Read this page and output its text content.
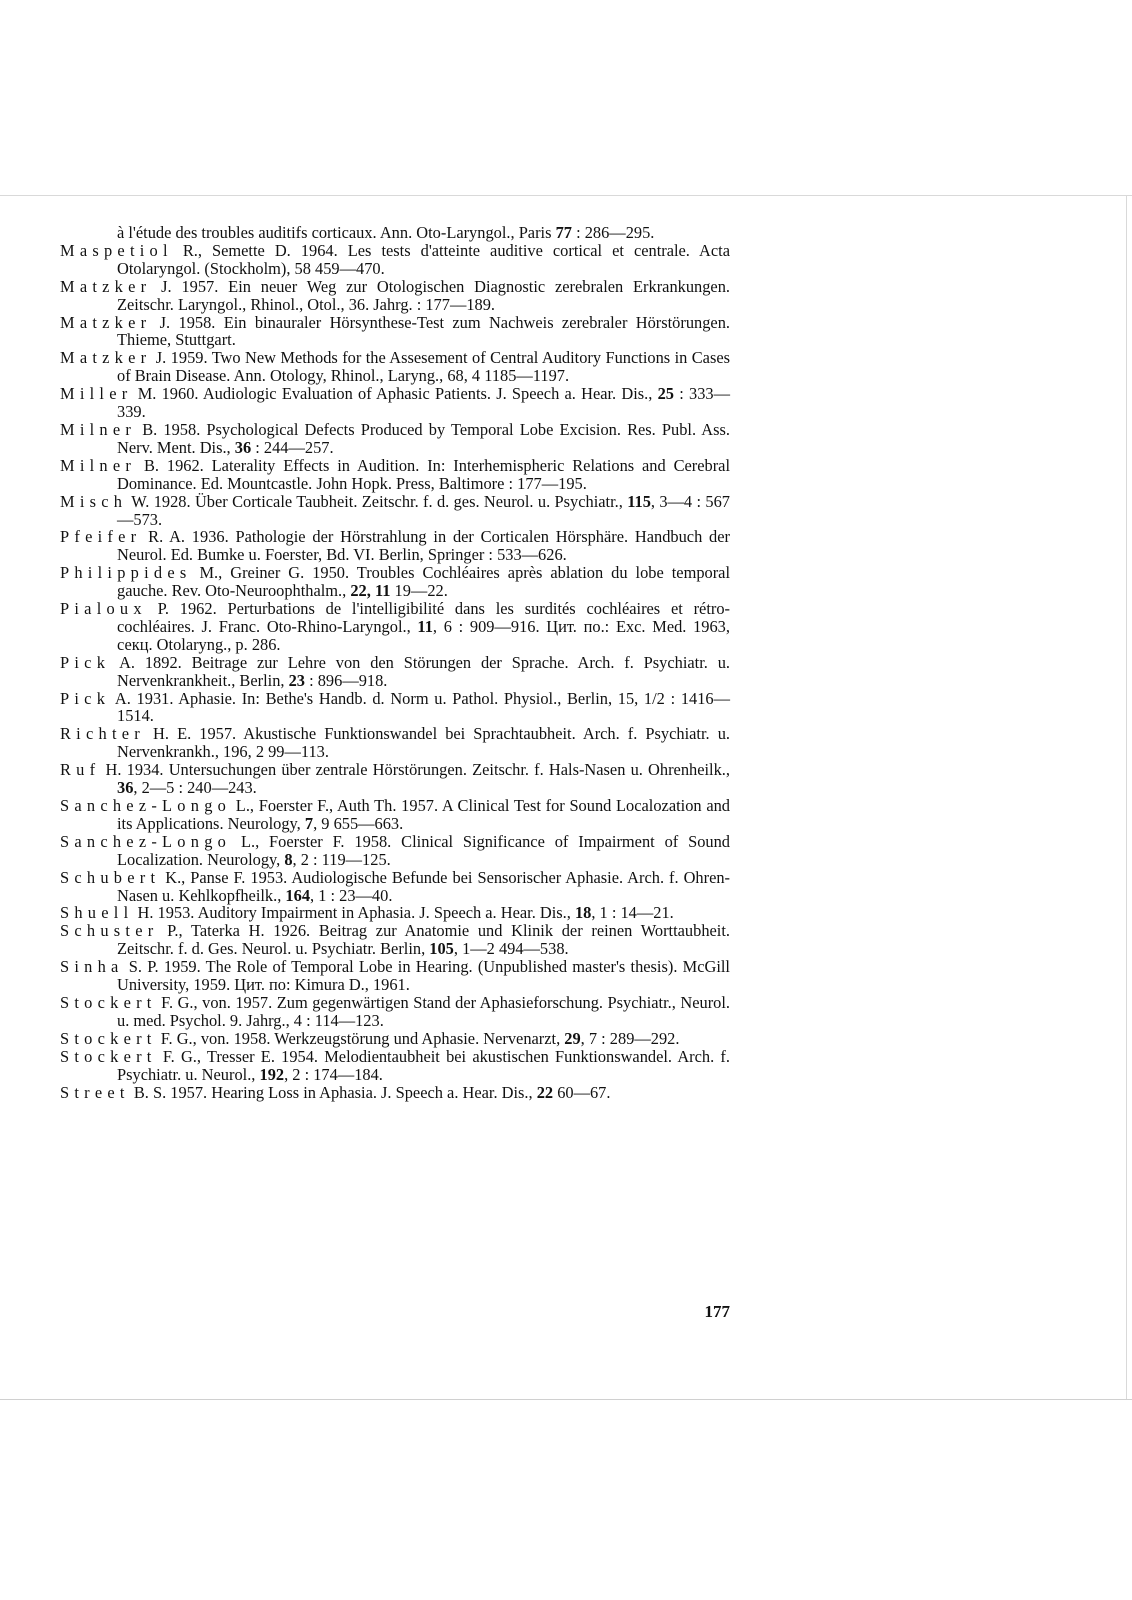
à l'étude des troubles auditifs corticaux. Ann. Oto-Laryngol., Paris 77 : 286—295.
Maspetiol R., Semette D. 1964. Les tests d'atteinte auditive cortical et centrale. Acta Otolaryngol. (Stockholm), 58 459—470.
Matzker J. 1957. Ein neuer Weg zur Otologischen Diagnostic zerebralen Erkrankungen. Zeitschr. Laryngol., Rhinol., Otol., 36. Jahrg. : 177—189.
Matzker J. 1958. Ein binauraler Hörsynthese-Test zum Nachweis zerebraler Hörstörungen. Thieme, Stuttgart.
Matzker J. 1959. Two New Methods for the Assesement of Central Auditory Functions in Cases of Brain Disease. Ann. Otology, Rhinol., Laryng., 68, 4 1185—1197.
Miller M. 1960. Audiologic Evaluation of Aphasic Patients. J. Speech a. Hear. Dis., 25 : 333—339.
Milner B. 1958. Psychological Defects Produced by Temporal Lobe Excision. Res. Publ. Ass. Nerv. Ment. Dis., 36 : 244—257.
Milner B. 1962. Laterality Effects in Audition. In: Interhemispheric Relations and Cerebral Dominance. Ed. Mountcastle. John Hopk. Press, Baltimore : 177—195.
Misch W. 1928. Über Corticale Taubheit. Zeitschr. f. d. ges. Neurol. u. Psychiatr., 115, 3—4 : 567—573.
Pfeifer R. A. 1936. Pathologie der Hörstrahlung in der Corticalen Hörsphäre. Handbuch der Neurol. Ed. Bumke u. Foerster, Bd. VI. Berlin, Springer : 533—626.
Philippides M., Greiner G. 1950. Troubles Cochléaires après ablation du lobe temporal gauche. Rev. Oto-Neuroophthalm., 22, 11 19—22.
Pialoux P. 1962. Perturbations de l'intelligibilité dans les surdités cochléaires et rétro-cochléaires. J. Franc. Oto-Rhino-Laryngol., 11, 6 : 909—916. Цит. по.: Exc. Med. 1963, секц. Otolaryng., p. 286.
Pick A. 1892. Beitrage zur Lehre von den Störungen der Sprache. Arch. f. Psychiatr. u. Nervenkrankheit., Berlin, 23 : 896—918.
Pick A. 1931. Aphasie. In: Bethe's Handb. d. Norm u. Pathol. Physiol., Berlin, 15, 1/2 : 1416—1514.
Richter H. E. 1957. Akustische Funktionswandel bei Sprachtaubheit. Arch. f. Psychiatr. u. Nervenkrankh., 196, 2 99—113.
Ruf H. 1934. Untersuchungen über zentrale Hörstörungen. Zeitschr. f. Hals-Nasen u. Ohrenheilk., 36, 2—5 : 240—243.
Sanchez-Longo L., Foerster F., Auth Th. 1957. A Clinical Test for Sound Localozation and its Applications. Neurology, 7, 9 655—663.
Sanchez-Longo L., Foerster F. 1958. Clinical Significance of Impairment of Sound Localization. Neurology, 8, 2 : 119—125.
Schubert K., Panse F. 1953. Audiologische Befunde bei Sensorischer Aphasie. Arch. f. Ohren-Nasen u. Kehlkopfheilk., 164, 1 : 23—40.
Shuell H. 1953. Auditory Impairment in Aphasia. J. Speech a. Hear. Dis., 18, 1 : 14—21.
Schuster P., Taterka H. 1926. Beitrag zur Anatomie und Klinik der reinen Worttaubheit. Zeitschr. f. d. Ges. Neurol. u. Psychiatr. Berlin, 105, 1—2 494—538.
Sinha S. P. 1959. The Role of Temporal Lobe in Hearing. (Unpublished master's thesis). McGill University, 1959. Цит. по: Kimura D., 1961.
Stockert F. G., von. 1957. Zum gegenwärtigen Stand der Aphasieforschung. Psychiatr., Neurol. u. med. Psychol. 9. Jahrg., 4 : 114—123.
Stockert F. G., von. 1958. Werkzeugstörung und Aphasie. Nervenarzt, 29, 7 : 289—292.
Stockert F. G., Tresser E. 1954. Melodientaubheit bei akustischen Funktionswandel. Arch. f. Psychiatr. u. Neurol., 192, 2 : 174—184.
Street B. S. 1957. Hearing Loss in Aphasia. J. Speech a. Hear. Dis., 22 60—67.
177
